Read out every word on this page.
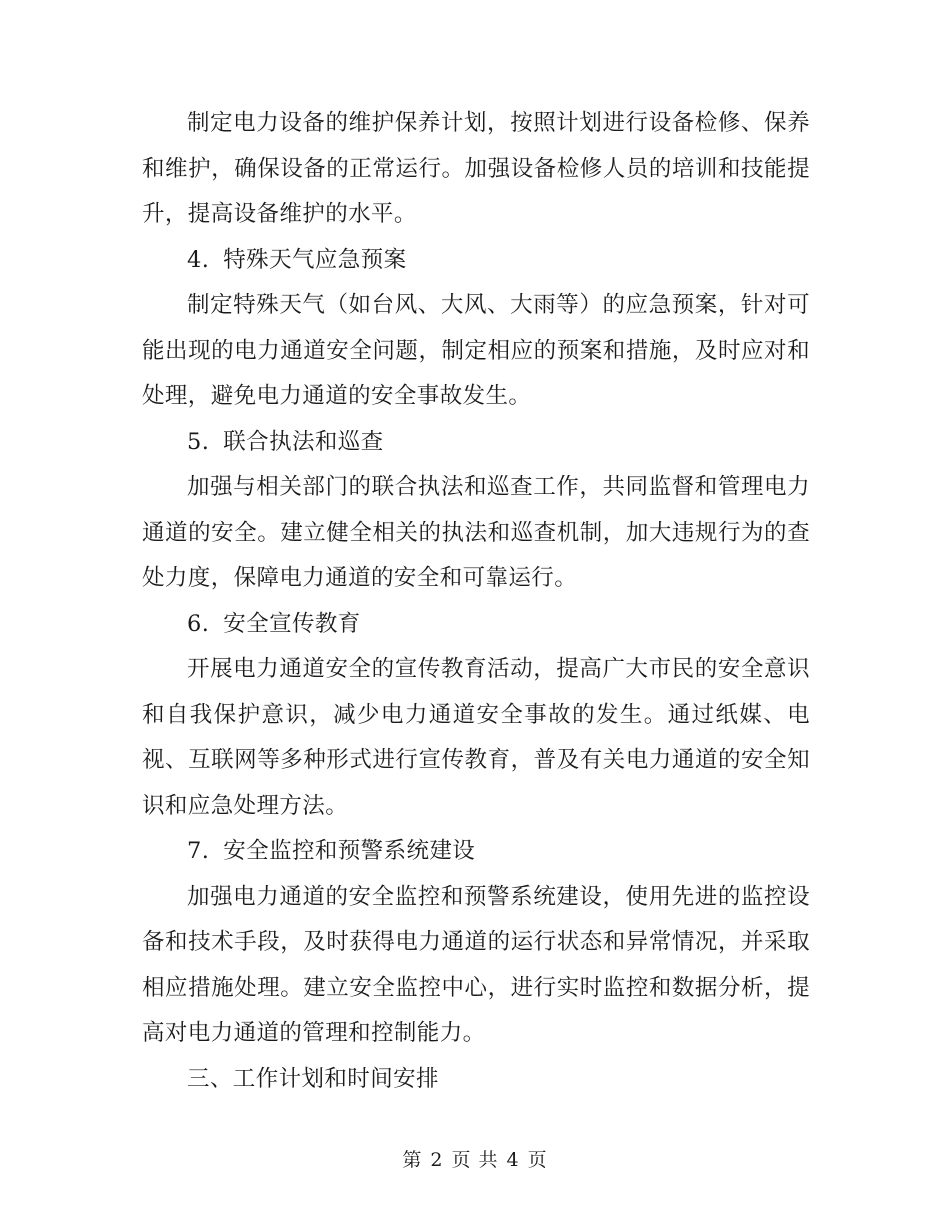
制定电力设备的维护保养计划，按照计划进行设备检修、保养和维护，确保设备的正常运行。加强设备检修人员的培训和技能提升，提高设备维护的水平。

4. 特殊天气应急预案

制定特殊天气（如台风、大风、大雨等）的应急预案，针对可能出现的电力通道安全问题，制定相应的预案和措施，及时应对和处理，避免电力通道的安全事故发生。

5. 联合执法和巡查

加强与相关部门的联合执法和巡查工作，共同监督和管理电力通道的安全。建立健全相关的执法和巡查机制，加大违规行为的查处力度，保障电力通道的安全和可靠运行。

6. 安全宣传教育

开展电力通道安全的宣传教育活动，提高广大市民的安全意识和自我保护意识，减少电力通道安全事故的发生。通过纸媒、电视、互联网等多种形式进行宣传教育，普及有关电力通道的安全知识和应急处理方法。

7. 安全监控和预警系统建设

加强电力通道的安全监控和预警系统建设，使用先进的监控设备和技术手段，及时获得电力通道的运行状态和异常情况，并采取相应措施处理。建立安全监控中心，进行实时监控和数据分析，提高对电力通道的管理和控制能力。

三、工作计划和时间安排

第 2 页 共 4 页
